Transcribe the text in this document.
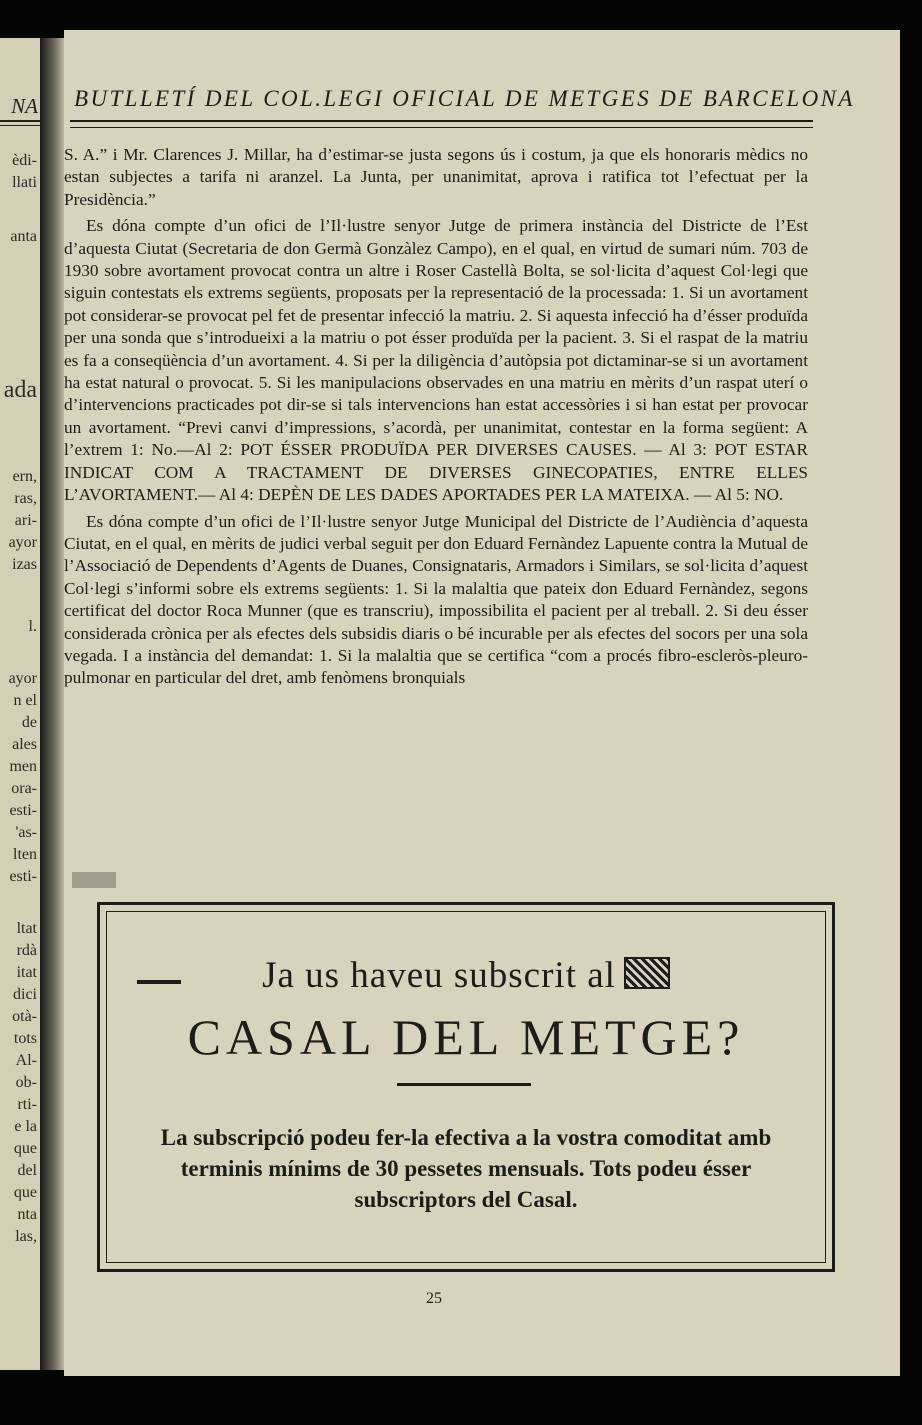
NA
èdi-
llati
anta
ada
ern,
ras,
ari-
ayor
izas
l.
ayor
n el
de
ales
men
ora-
esti-
'as-
lten
esti-
ltat
rdà
itat
dici
otà-
tots
Al-
ob-
rti-
e la
que
del
que
nta
las,
BUTLLETÍ DEL COL.LEGI OFICIAL DE METGES DE BARCELONA

S. A.” i Mr. Clarences J. Millar, ha d’estimar-se justa segons ús i costum, ja que els honoraris mèdics no estan subjectes a tarifa ni aranzel. La Junta, per unanimitat, aprova i ratifica tot l’efectuat per la Presidència.”

Es dóna compte d’un ofici de l’Il·lustre senyor Jutge de primera instància del Districte de l’Est d’aquesta Ciutat (Secretaria de don Germà Gonzàlez Campo), en el qual, en virtud de sumari núm. 703 de 1930 sobre avortament provocat contra un altre i Roser Castellà Bolta, se sol·licita d’aquest Col·legi que siguin contestats els extrems següents, proposats per la representació de la processada: 1. Si un avortament pot considerar-se provocat pel fet de presentar infecció la matriu. 2. Si aquesta infecció ha d’ésser produïda per una sonda que s’introdueixi a la matriu o pot ésser produïda per la pacient. 3. Si el raspat de la matriu es fa a conseqüència d’un avortament. 4. Si per la diligència d’autòpsia pot dictaminar-se si un avortament ha estat natural o provocat. 5. Si les manipulacions observades en una matriu en mèrits d’un raspat uterí o d’intervencions practicades pot dir-se si tals intervencions han estat accessòries i si han estat per provocar un avortament. “Previ canvi d’impressions, s’acordà, per unanimitat, contestar en la forma següent: A l’extrem 1: No.—Al 2: POT ÉSSER PRODUÏDA PER DIVERSES CAUSES. — Al 3: POT ESTAR INDICAT COM A TRACTAMENT DE DIVERSES GINECOPATIES, ENTRE ELLES L’AVORTAMENT.— Al 4: DEPÈN DE LES DADES APORTADES PER LA MATEIXA. — Al 5: NO.

Es dóna compte d’un ofici de l’Il·lustre senyor Jutge Municipal del Districte de l’Audiència d’aquesta Ciutat, en el qual, en mèrits de judici verbal seguit per don Eduard Fernàndez Lapuente contra la Mutual de l’Associació de Dependents d’Agents de Duanes, Consignataris, Armadors i Similars, se sol·licita d’aquest Col·legi s’informi sobre els extrems següents: 1. Si la malaltia que pateix don Eduard Fernàndez, segons certificat del doctor Roca Munner (que es transcriu), impossibilita el pacient per al treball. 2. Si deu ésser considerada crònica per als efectes dels subsidis diaris o bé incurable per als efectes del socors per una sola vegada. I a instància del demandat: 1. Si la malaltia que se certifica “com a procés fibro-escleròs-pleuro-pulmonar en particular del dret, amb fenòmens bronquials

Ja us haveu subscrit al
CASAL DEL METGE?
La subscripció podeu fer-la efectiva a la vostra comoditat amb terminis mínims de 30 pessetes mensuals. Tots podeu ésser subscriptors del Casal.
25
